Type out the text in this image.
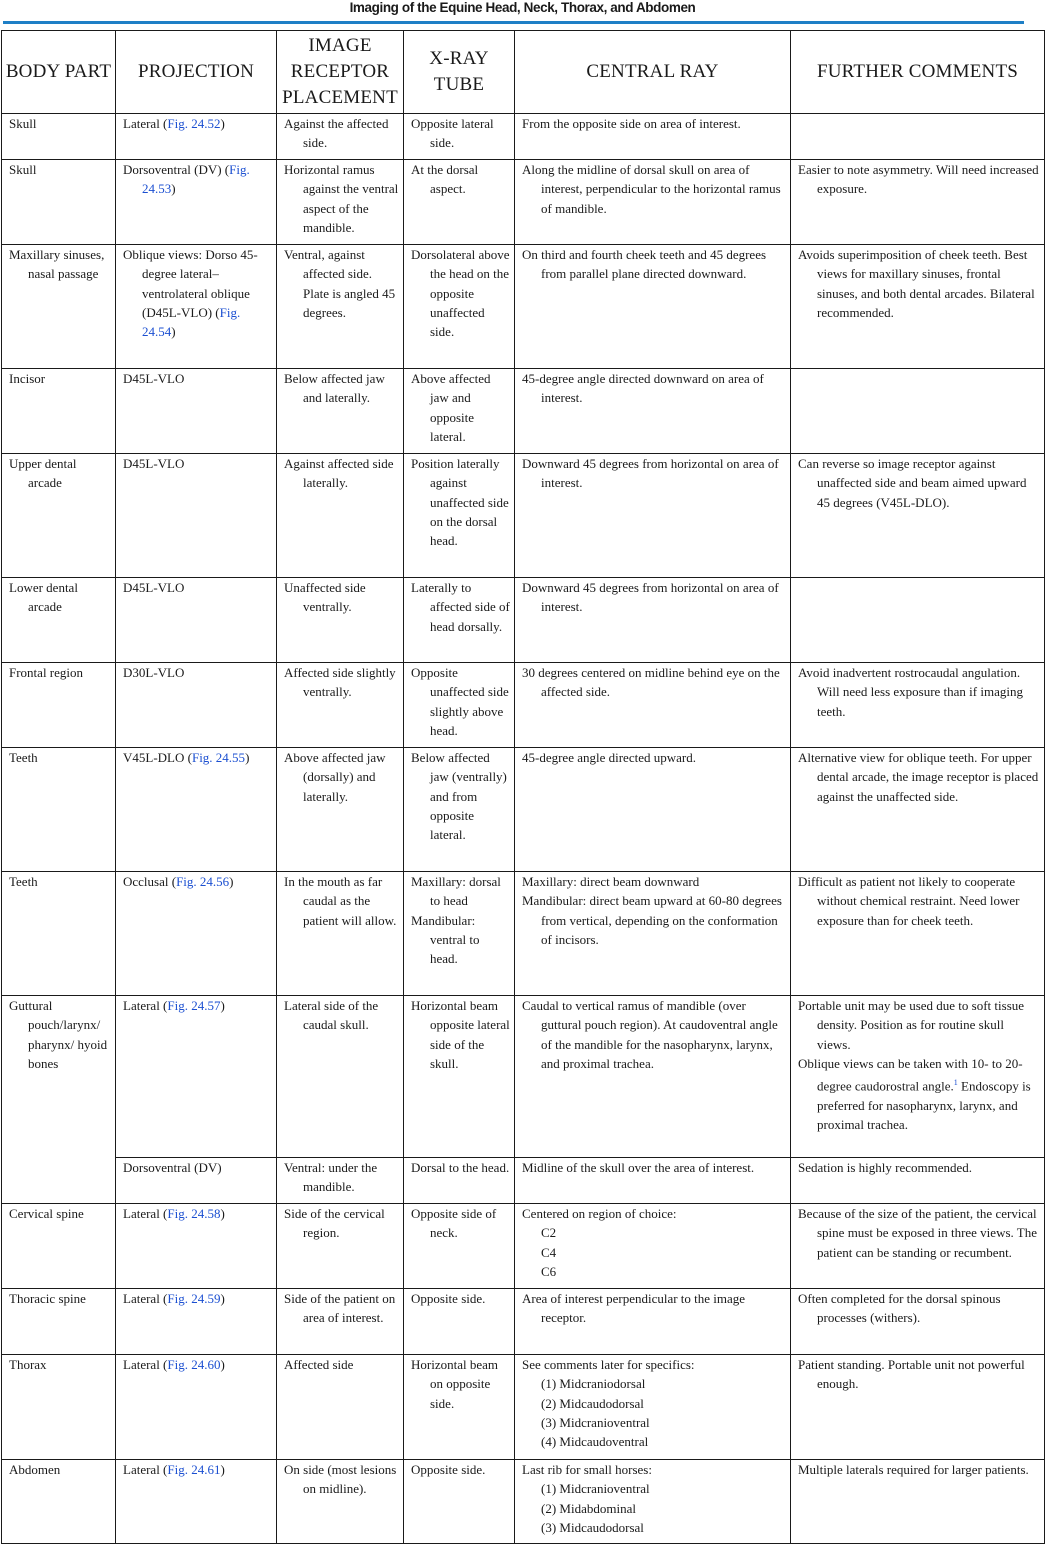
Imaging of the Equine Head, Neck, Thorax, and Abdomen
BODY PART	PROJECTION	IMAGE RECEPTOR PLACEMENT	X-RAY TUBE	CENTRAL RAY	FURTHER COMMENTS

Skull	Lateral (Fig. 24.52)	Against the affected side.	Opposite lateral side.	From the opposite side on area of interest.	

Skull	Dorsoventral (DV) (Fig. 24.53)	Horizontal ramus against the ventral aspect of the mandible.	At the dorsal aspect.	Along the midline of dorsal skull on area of interest, perpendicular to the horizontal ramus of mandible.	Easier to note asymmetry. Will need increased exposure.

Maxillary sinuses, nasal passage	Oblique views: Dorso 45-degree lateral–ventrolateral oblique (D45L-VLO) (Fig. 24.54)	Ventral, against affected side. Plate is angled 45 degrees.	Dorsolateral above the head on the opposite unaffected side.	On third and fourth cheek teeth and 45 degrees from parallel plane directed downward.	Avoids superimposition of cheek teeth. Best views for maxillary sinuses, frontal sinuses, and both dental arcades. Bilateral recommended.

Incisor	D45L-VLO	Below affected jaw and laterally.	Above affected jaw and opposite lateral.	45-degree angle directed downward on area of interest.	

Upper dental arcade	D45L-VLO	Against affected side laterally.	Position laterally against unaffected side on the dorsal head.	Downward 45 degrees from horizontal on area of interest.	Can reverse so image receptor against unaffected side and beam aimed upward 45 degrees (V45L-DLO).

Lower dental arcade	D45L-VLO	Unaffected side ventrally.	Laterally to affected side of head dorsally.	Downward 45 degrees from horizontal on area of interest.	

Frontal region	D30L-VLO	Affected side slightly ventrally.	Opposite unaffected side slightly above head.	30 degrees centered on midline behind eye on the affected side.	Avoid inadvertent rostrocaudal angulation. Will need less exposure than if imaging teeth.

Teeth	V45L-DLO (Fig. 24.55)	Above affected jaw (dorsally) and laterally.	Below affected jaw (ventrally) and from opposite lateral.	45-degree angle directed upward.	Alternative view for oblique teeth. For upper dental arcade, the image receptor is placed against the unaffected side.

Teeth	Occlusal (Fig. 24.56)	In the mouth as far caudal as the patient will allow.	Maxillary: dorsal to head
Mandibular: ventral to head.	Maxillary: direct beam downward
Mandibular: direct beam upward at 60-80 degrees from vertical, depending on the conformation of incisors.	Difficult as patient not likely to cooperate without chemical restraint. Need lower exposure than for cheek teeth.

Guttural pouch/larynx/ pharynx/ hyoid bones	Lateral (Fig. 24.57)	Lateral side of the caudal skull.	Horizontal beam opposite lateral side of the skull.	Caudal to vertical ramus of mandible (over guttural pouch region). At caudoventral angle of the mandible for the nasopharynx, larynx, and proximal trachea.	Portable unit may be used due to soft tissue density. Position as for routine skull views.
Oblique views can be taken with 10- to 20-degree caudorostral angle.$^1$ Endoscopy is preferred for nasopharynx, larynx, and proximal trachea.

	Dorsoventral (DV)	Ventral: under the mandible.	Dorsal to the head.	Midline of the skull over the area of interest.	Sedation is highly recommended.

Cervical spine	Lateral (Fig. 24.58)	Side of the cervical region.	Opposite side of neck.	Centered on region of choice:
C2
C4
C6	Because of the size of the patient, the cervical spine must be exposed in three views. The patient can be standing or recumbent.

Thoracic spine	Lateral (Fig. 24.59)	Side of the patient on area of interest.	Opposite side.	Area of interest perpendicular to the image receptor.	Often completed for the dorsal spinous processes (withers).

Thorax	Lateral (Fig. 24.60)	Affected side	Horizontal beam on opposite side.	See comments later for specifics:
(1) Midcraniodorsal
(2) Midcaudodorsal
(3) Midcranioventral
(4) Midcaudoventral	Patient standing. Portable unit not powerful enough.

Abdomen	Lateral (Fig. 24.61)	On side (most lesions on midline).	Opposite side.	Last rib for small horses:
(1) Midcranioventral
(2) Midabdominal
(3) Midcaudodorsal	Multiple laterals required for larger patients.
